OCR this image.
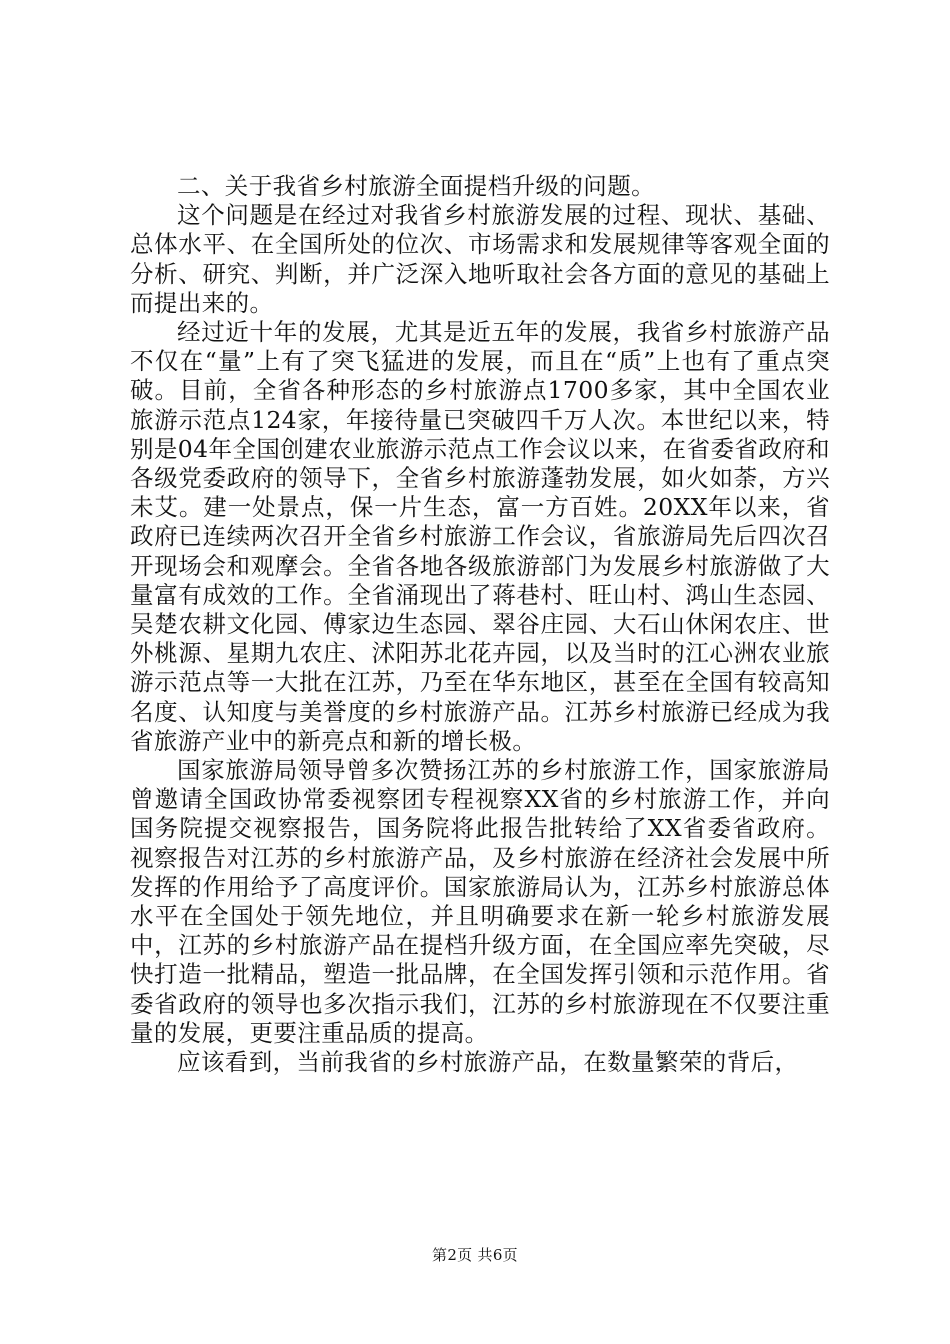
二、关于我省乡村旅游全面提档升级的问题。

这个问题是在经过对我省乡村旅游发展的过程、现状、基础、总体水平、在全国所处的位次、市场需求和发展规律等客观全面的分析、研究、判断，并广泛深入地听取社会各方面的意见的基础上而提出来的。

经过近十年的发展，尤其是近五年的发展，我省乡村旅游产品不仅在“量”上有了突飞猛进的发展，而且在“质”上也有了重点突破。目前，全省各种形态的乡村旅游点1700多家，其中全国农业旅游示范点124家，年接待量已突破四千万人次。本世纪以来，特别是04年全国创建农业旅游示范点工作会议以来，在省委省政府和各级党委政府的领导下，全省乡村旅游蓬勃发展，如火如荼，方兴未艾。建一处景点，保一片生态，富一方百姓。20XX年以来，省政府已连续两次召开全省乡村旅游工作会议，省旅游局先后四次召开现场会和观摩会。全省各地各级旅游部门为发展乡村旅游做了大量富有成效的工作。全省涌现出了蒋巷村、旺山村、鸿山生态园、吴楚农耕文化园、傅家边生态园、翠谷庄园、大石山休闲农庄、世外桃源、星期九农庄、沭阳苏北花卉园，以及当时的江心洲农业旅游示范点等一大批在江苏，乃至在华东地区，甚至在全国有较高知名度、认知度与美誉度的乡村旅游产品。江苏乡村旅游已经成为我省旅游产业中的新亮点和新的增长极。

国家旅游局领导曾多次赞扬江苏的乡村旅游工作，国家旅游局曾邀请全国政协常委视察团专程视察XX省的乡村旅游工作，并向国务院提交视察报告，国务院将此报告批转给了XX省委省政府。视察报告对江苏的乡村旅游产品，及乡村旅游在经济社会发展中所发挥的作用给予了高度评价。国家旅游局认为，江苏乡村旅游总体水平在全国处于领先地位，并且明确要求在新一轮乡村旅游发展中，江苏的乡村旅游产品在提档升级方面，在全国应率先突破，尽快打造一批精品，塑造一批品牌，在全国发挥引领和示范作用。省委省政府的领导也多次指示我们，江苏的乡村旅游现在不仅要注重量的发展，更要注重品质的提高。

应该看到，当前我省的乡村旅游产品，在数量繁荣的背后，

第2页 共6页
